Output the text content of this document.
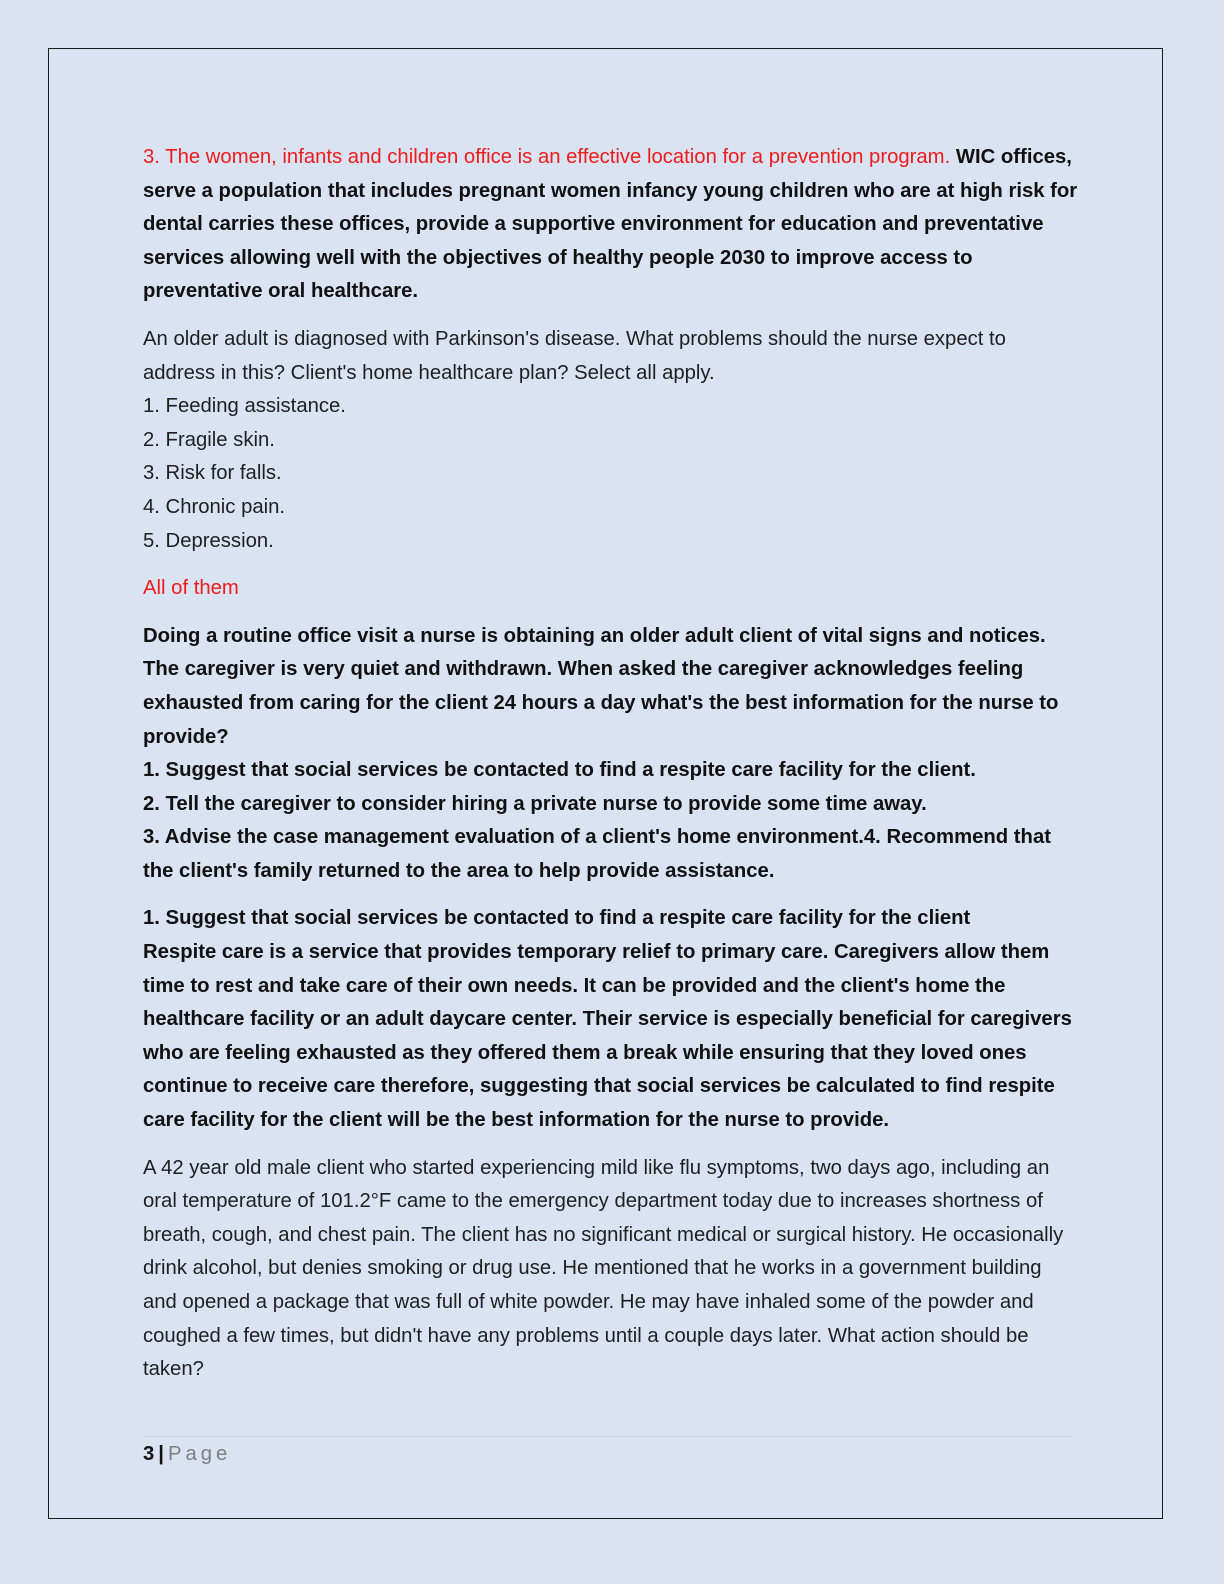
3. The women, infants and children office is an effective location for a prevention program. WIC offices, serve a population that includes pregnant women infancy young children who are at high risk for dental carries these offices, provide a supportive environment for education and preventative services allowing well with the objectives of healthy people 2030 to improve access to preventative oral healthcare.

An older adult is diagnosed with Parkinson's disease. What problems should the nurse expect to address in this? Client's home healthcare plan? Select all apply.

1. Feeding assistance.

2. Fragile skin.

3. Risk for falls.

4. Chronic pain.

5. Depression.

All of them

Doing a routine office visit a nurse is obtaining an older adult client of vital signs and notices. The caregiver is very quiet and withdrawn. When asked the caregiver acknowledges feeling exhausted from caring for the client 24 hours a day what's the best information for the nurse to provide?

1. Suggest that social services be contacted to find a respite care facility for the client.

2. Tell the caregiver to consider hiring a private nurse to provide some time away.

3. Advise the case management evaluation of a client's home environment.4. Recommend that the client's family returned to the area to help provide assistance.

1. Suggest that social services be contacted to find a respite care facility for the client

Respite care is a service that provides temporary relief to primary care. Caregivers allow them time to rest and take care of their own needs. It can be provided and the client's home the healthcare facility or an adult daycare center. Their service is especially beneficial for caregivers who are feeling exhausted as they offered them a break while ensuring that they loved ones continue to receive care therefore, suggesting that social services be calculated to find respite care facility for the client will be the best information for the nurse to provide.

A 42 year old male client who started experiencing mild like flu symptoms, two days ago, including an oral temperature of 101.2°F came to the emergency department today due to increases shortness of breath, cough, and chest pain. The client has no significant medical or surgical history. He occasionally drink alcohol, but denies smoking or drug use. He mentioned that he works in a government building and opened a package that was full of white powder. He may have inhaled some of the powder and coughed a few times, but didn't have any problems until a couple days later. What action should be taken?

3 | Page
